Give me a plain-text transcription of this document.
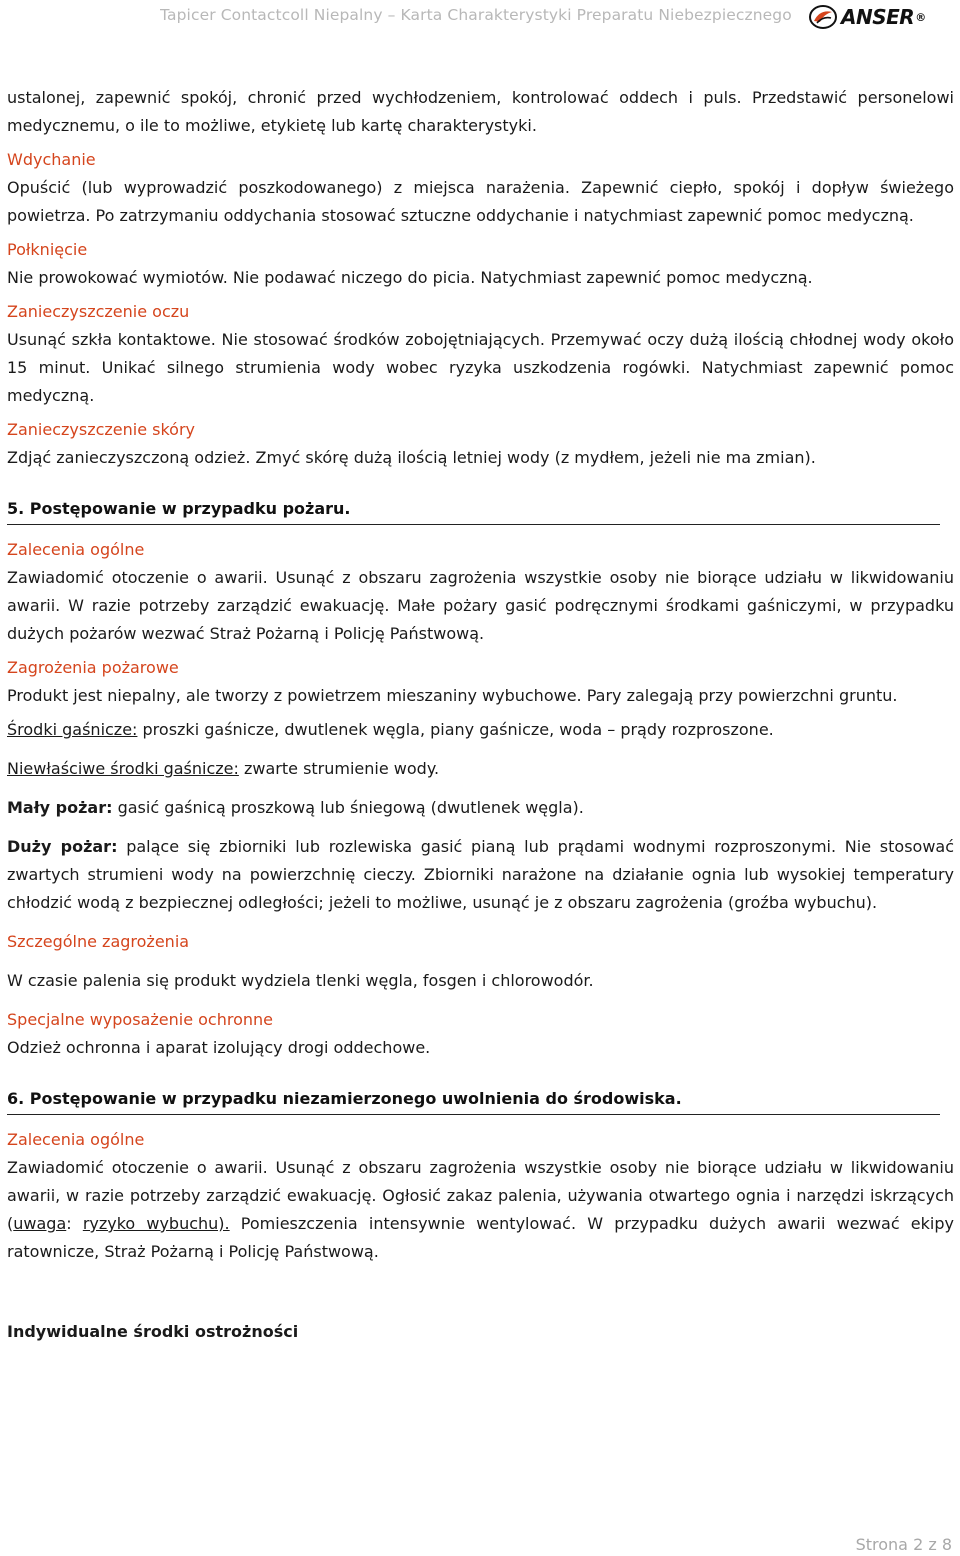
Tapicer Contactcoll Niepalny – Karta Charakterystyki Preparatu Niebezpiecznego	ANSER ®

ustalonej, zapewnić spokój, chronić przed wychłodzeniem, kontrolować oddech i puls. Przedstawić personelowi medycznemu, o ile to możliwe, etykietę lub kartę charakterystyki.

Wdychanie

Opuścić (lub wyprowadzić poszkodowanego) z miejsca narażenia. Zapewnić ciepło, spokój i dopływ świeżego powietrza. Po zatrzymaniu oddychania stosować sztuczne oddychanie i natychmiast zapewnić pomoc medyczną.

Połknięcie

Nie prowokować wymiotów. Nie podawać niczego do picia. Natychmiast zapewnić pomoc medyczną.

Zanieczyszczenie oczu

Usunąć szkła kontaktowe. Nie stosować środków zobojętniających. Przemywać oczy dużą ilością chłodnej wody około 15 minut. Unikać silnego strumienia wody wobec ryzyka uszkodzenia rogówki. Natychmiast zapewnić pomoc medyczną.

Zanieczyszczenie skóry

Zdjąć zanieczyszczoną odzież. Zmyć skórę dużą ilością letniej wody (z mydłem, jeżeli nie ma zmian).

5. Postępowanie w przypadku pożaru.

Zalecenia ogólne

Zawiadomić otoczenie o awarii. Usunąć z obszaru zagrożenia wszystkie osoby nie biorące udziału w likwidowaniu awarii. W razie potrzeby zarządzić ewakuację. Małe pożary gasić podręcznymi środkami gaśniczymi, w przypadku dużych pożarów wezwać Straż Pożarną i Policję Państwową.

Zagrożenia pożarowe

Produkt jest niepalny, ale tworzy z powietrzem mieszaniny wybuchowe. Pary zalegają przy powierzchni gruntu.

Środki gaśnicze: proszki gaśnicze, dwutlenek węgla, piany gaśnicze, woda – prądy rozproszone.

Niewłaściwe środki gaśnicze: zwarte strumienie wody.

Mały pożar: gasić gaśnicą proszkową lub śniegową (dwutlenek węgla).

Duży pożar: palące się zbiorniki lub rozlewiska gasić pianą lub prądami wodnymi rozproszonymi. Nie stosować zwartych strumieni wody na powierzchnię cieczy. Zbiorniki narażone na działanie ognia lub wysokiej temperatury chłodzić wodą z bezpiecznej odległości; jeżeli to możliwe, usunąć je z obszaru zagrożenia (groźba wybuchu).

Szczególne zagrożenia

W czasie palenia się produkt wydziela tlenki węgla, fosgen i chlorowodór.

Specjalne wyposażenie ochronne

Odzież ochronna i aparat izolujący drogi oddechowe.

6. Postępowanie w przypadku niezamierzonego uwolnienia do środowiska.

Zalecenia ogólne

Zawiadomić otoczenie o awarii. Usunąć z obszaru zagrożenia wszystkie osoby nie biorące udziału w likwidowaniu awarii, w razie potrzeby zarządzić ewakuację. Ogłosić zakaz palenia, używania otwartego ognia i narzędzi iskrzących (uwaga: ryzyko wybuchu). Pomieszczenia intensywnie wentylować. W przypadku dużych awarii wezwać ekipy ratownicze, Straż Pożarną i Policję Państwową.

Indywidualne środki ostrożności

Strona 2 z 8
